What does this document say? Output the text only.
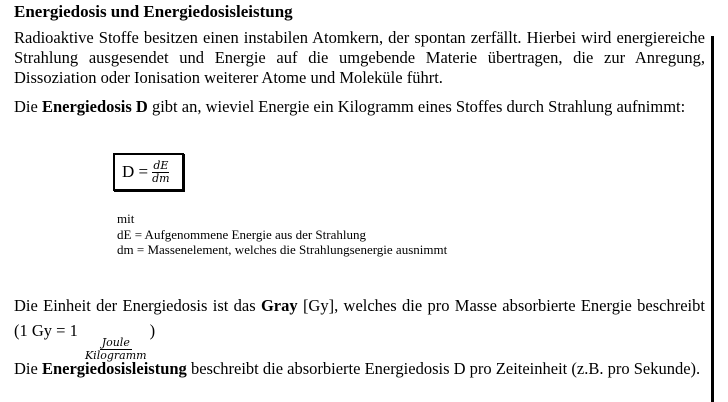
Energiedosis und Energiedosisleistung
Radioaktive Stoffe besitzen einen instabilen Atomkern, der spontan zerfällt. Hierbei wird energiereiche Strahlung ausgesendet und Energie auf die umgebende Materie übertragen, die zur Anregung, Dissoziation oder Ionisation weiterer Atome und Moleküle führt.
Die Energiedosis D gibt an, wieviel Energie ein Kilogramm eines Stoffes durch Strahlung aufnimmt:
$D = \frac{dE}{dm}$
mit
dE = Aufgenommene Energie aus der Strahlung
dm = Massenelement, welches die Strahlungsenergie ausnimmt
Die Einheit der Energiedosis ist das Gray [Gy], welches die pro Masse absorbierte Energie beschreibt (1 Gy = 1
$\frac{\text{Joule}}{\text{Kilogramm}}$
)
Die Energiedosisleistung beschreibt die absorbierte Energiedosis D pro Zeiteinheit (z.B. pro Sekunde).
